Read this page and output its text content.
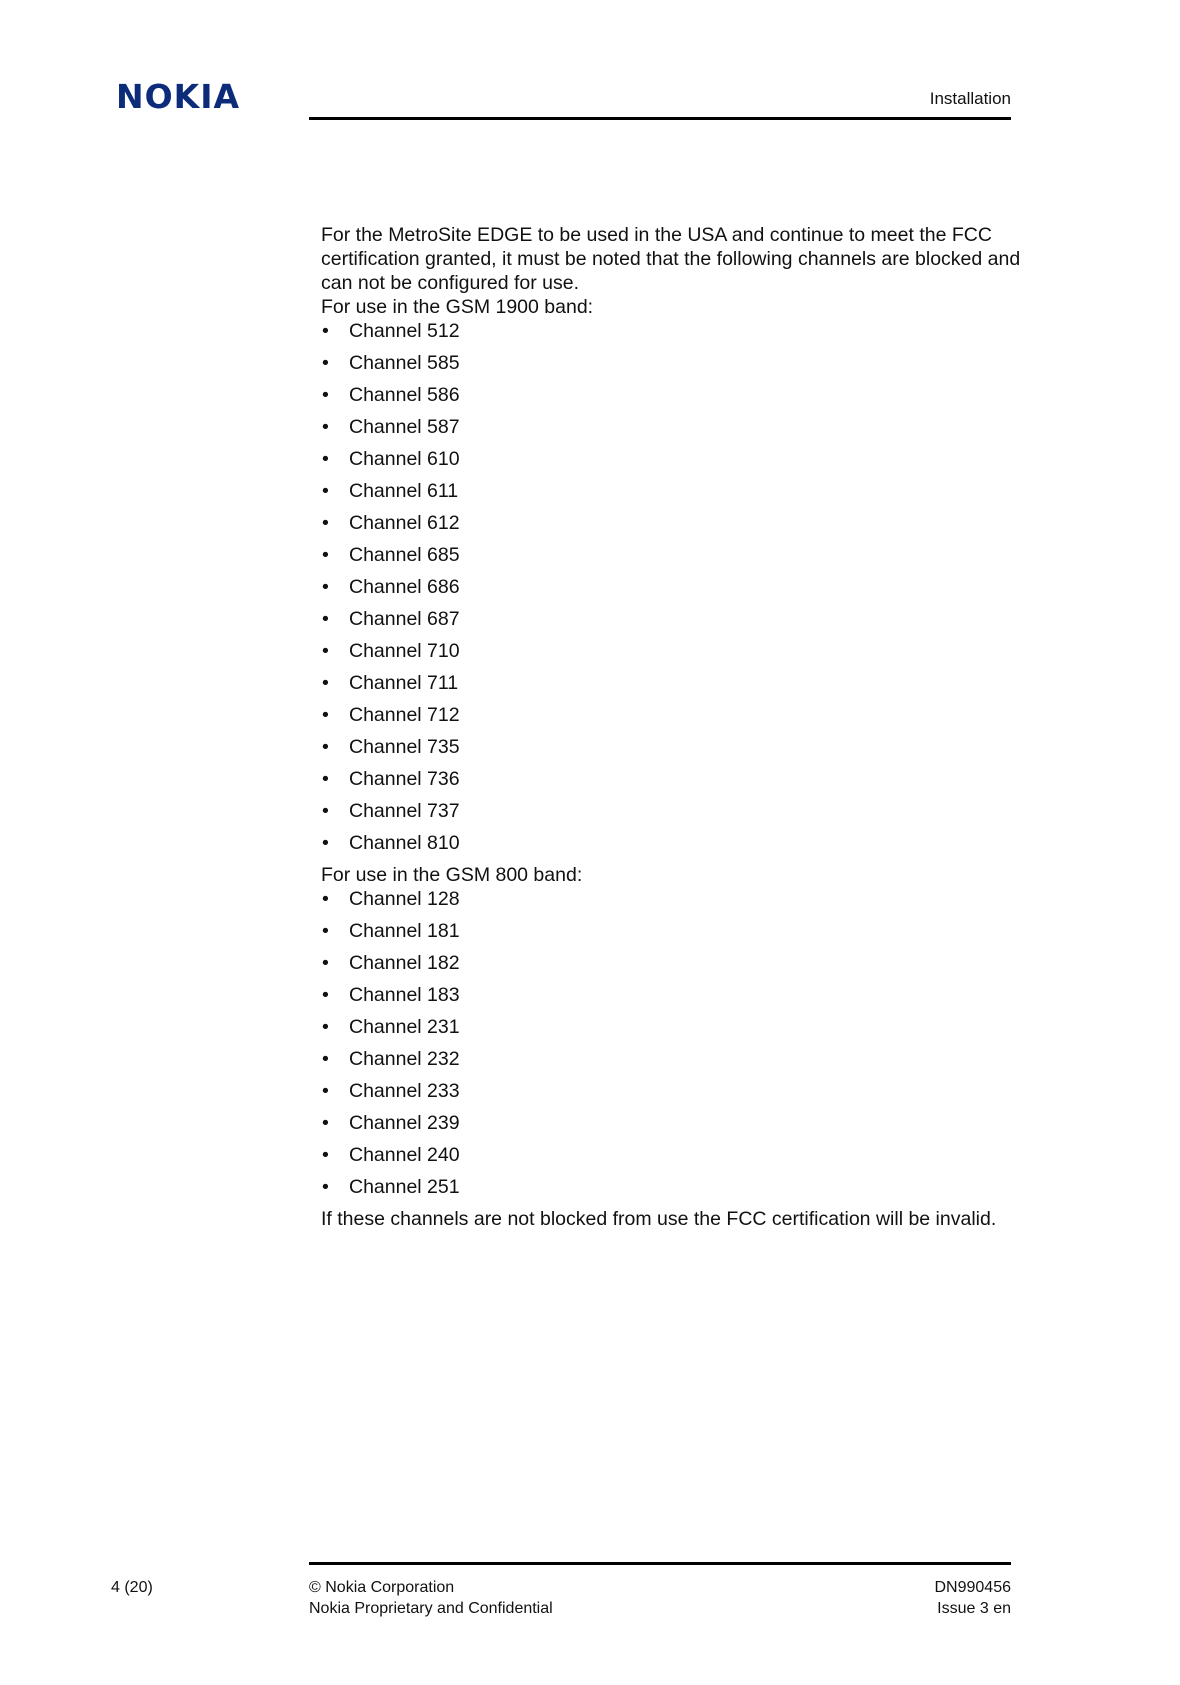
NOKIA	Installation

For the MetroSite EDGE to be used in the USA and continue to meet the FCC certification granted, it must be noted that the following channels are blocked and can not be configured for use.

For use in the GSM 1900 band:

• Channel 512
• Channel 585
• Channel 586
• Channel 587
• Channel 610
• Channel 611
• Channel 612
• Channel 685
• Channel 686
• Channel 687
• Channel 710
• Channel 711
• Channel 712
• Channel 735
• Channel 736
• Channel 737
• Channel 810

For use in the GSM 800 band:

• Channel 128
• Channel 181
• Channel 182
• Channel 183
• Channel 231
• Channel 232
• Channel 233
• Channel 239
• Channel 240
• Channel 251

If these channels are not blocked from use the FCC certification will be invalid.

4 (20)	© Nokia Corporation
Nokia Proprietary and Confidential
DN990456
Issue 3 en
